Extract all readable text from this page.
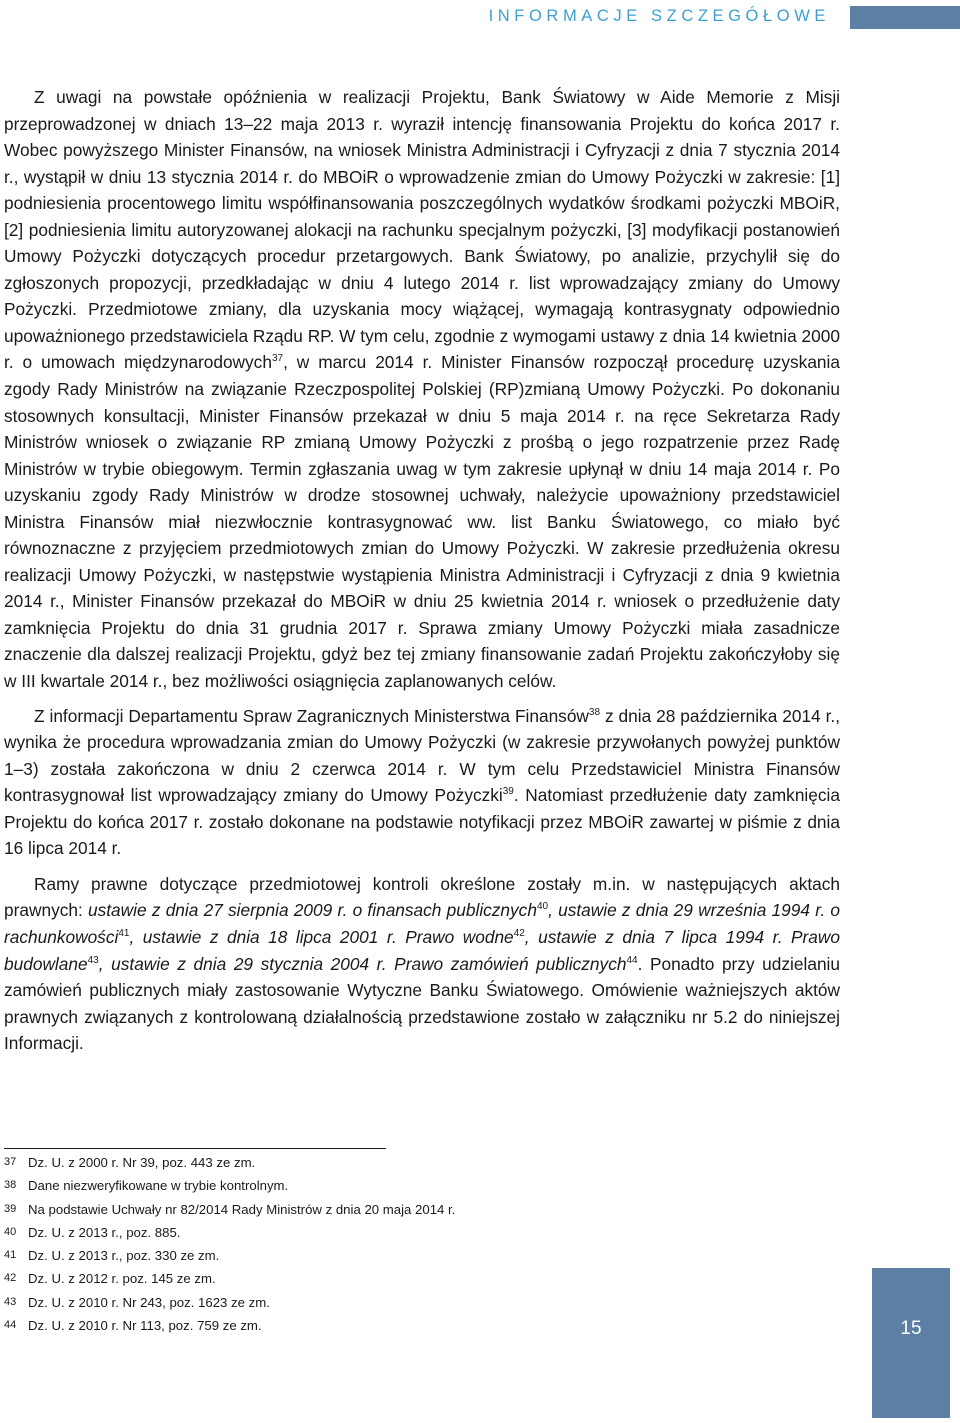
INFORMACJE SZCZEGÓŁOWE

Z uwagi na powstałe opóźnienia w realizacji Projektu, Bank Światowy w Aide Memorie z Misji przeprowadzonej w dniach 13–22 maja 2013 r. wyraził intencję finansowania Projektu do końca 2017 r. Wobec powyższego Minister Finansów, na wniosek Ministra Administracji i Cyfryzacji z dnia 7 stycznia 2014 r., wystąpił w dniu 13 stycznia 2014 r. do MBOiR o wprowadzenie zmian do Umowy Pożyczki w zakresie: [1] podniesienia procentowego limitu współfinansowania poszczególnych wydatków środkami pożyczki MBOiR, [2] podniesienia limitu autoryzowanej alokacji na rachunku specjalnym pożyczki, [3] modyfikacji postanowień Umowy Pożyczki dotyczących procedur przetargowych. Bank Światowy, po analizie, przychylił się do zgłoszonych propozycji, przedkładając w dniu 4 lutego 2014 r. list wprowadzający zmiany do Umowy Pożyczki. Przedmiotowe zmiany, dla uzyskania mocy wiążącej, wymagają kontrasygnaty odpowiednio upoważnionego przedstawiciela Rządu RP. W tym celu, zgodnie z wymogami ustawy z dnia 14 kwietnia 2000 r. o umowach międzynarodowych$^{37}$, w marcu 2014 r. Minister Finansów rozpoczął procedurę uzyskania zgody Rady Ministrów na związanie Rzeczpospolitej Polskiej (RP)zmianą Umowy Pożyczki. Po dokonaniu stosownych konsultacji, Minister Finansów przekazał w dniu 5 maja 2014 r. na ręce Sekretarza Rady Ministrów wniosek o związanie RP zmianą Umowy Pożyczki z prośbą o jego rozpatrzenie przez Radę Ministrów w trybie obiegowym. Termin zgłaszania uwag w tym zakresie upłynął w dniu 14 maja 2014 r. Po uzyskaniu zgody Rady Ministrów w drodze stosownej uchwały, należycie upoważniony przedstawiciel Ministra Finansów miał niezwłocznie kontrasygnować ww. list Banku Światowego, co miało być równoznaczne z przyjęciem przedmiotowych zmian do Umowy Pożyczki. W zakresie przedłużenia okresu realizacji Umowy Pożyczki, w następstwie wystąpienia Ministra Administracji i Cyfryzacji z dnia 9 kwietnia 2014 r., Minister Finansów przekazał do MBOiR w dniu 25 kwietnia 2014 r. wniosek o przedłużenie daty zamknięcia Projektu do dnia 31 grudnia 2017 r. Sprawa zmiany Umowy Pożyczki miała zasadnicze znaczenie dla dalszej realizacji Projektu, gdyż bez tej zmiany finansowanie zadań Projektu zakończyłoby się w III kwartale 2014 r., bez możliwości osiągnięcia zaplanowanych celów.

Z informacji Departamentu Spraw Zagranicznych Ministerstwa Finansów$^{38}$ z dnia 28 października 2014 r., wynika że procedura wprowadzania zmian do Umowy Pożyczki (w zakresie przywołanych powyżej punktów 1–3) została zakończona w dniu 2 czerwca 2014 r. W tym celu Przedstawiciel Ministra Finansów kontrasygnował list wprowadzający zmiany do Umowy Pożyczki$^{39}$. Natomiast przedłużenie daty zamknięcia Projektu do końca 2017 r. zostało dokonane na podstawie notyfikacji przez MBOiR zawartej w piśmie z dnia 16 lipca 2014 r.

Ramy prawne dotyczące przedmiotowej kontroli określone zostały m.in. w następujących aktach prawnych: ustawie z dnia 27 sierpnia 2009 r. o finansach publicznych$^{40}$, ustawie z dnia 29 września 1994 r. o rachunkowości$^{41}$, ustawie z dnia 18 lipca 2001 r. Prawo wodne$^{42}$, ustawie z dnia 7 lipca 1994 r. Prawo budowlane$^{43}$, ustawie z dnia 29 stycznia 2004 r. Prawo zamówień publicznych$^{44}$. Ponadto przy udzielaniu zamówień publicznych miały zastosowanie Wytyczne Banku Światowego. Omówienie ważniejszych aktów prawnych związanych z kontrolowaną działalnością przedstawione zostało w załączniku nr 5.2 do niniejszej Informacji.

37 Dz. U. z 2000 r. Nr 39, poz. 443 ze zm.
38 Dane niezweryfikowane w trybie kontrolnym.
39 Na podstawie Uchwały nr 82/2014 Rady Ministrów z dnia 20 maja 2014 r.
40 Dz. U. z 2013 r., poz. 885.
41 Dz. U. z 2013 r., poz. 330 ze zm.
42 Dz. U. z 2012 r. poz. 145 ze zm.
43 Dz. U. z 2010 r. Nr 243, poz. 1623 ze zm.
44 Dz. U. z 2010 r. Nr 113, poz. 759 ze zm.	15
